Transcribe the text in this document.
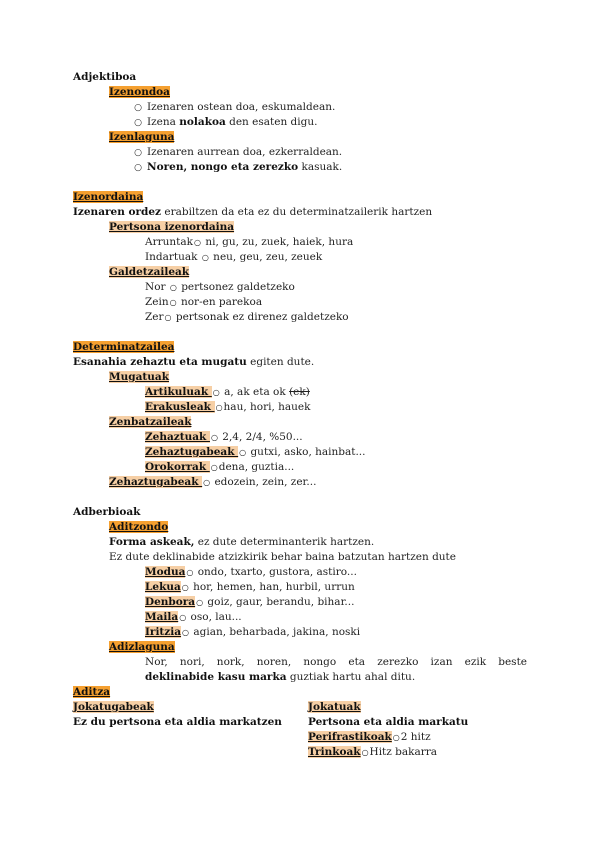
Adjektiboa
Izenondoa
○ Izenaren ostean doa, eskumaldean.
○ Izena nolakoa den esaten digu.
Izenlaguna
○ Izenaren aurrean doa, ezkerraldean.
○ Noren, nongo eta zerezko kasuak.
Izenordaina
Izenaren ordez erabiltzen da eta ez du determinatzailerik hartzen
Pertsona izenordaina
Arruntak○ ni, gu, zu, zuek, haiek, hura
Indartuak ○ neu, geu, zeu, zeuek
Galdetzaileak
Nor ○ pertsonez galdetzeko
Zein○ nor-en parekoa
Zer○ pertsonak ez direnez galdetzeko
Determinatzailea
Esanahia zehaztu eta mugatu egiten dute.
Mugatuak
Artikuluak ○ a, ak eta ok (ek)
Erakusleak ○hau, hori, hauek
Zenbatzaileak
Zehaztuak ○ 2,4, 2/4, %50...
Zehaztugabeak ○ gutxi, asko, hainbat...
Orokorrak ○dena, guztia...
Zehaztugabeak ○ edozein, zein, zer...
Adberbioak
Aditzondo
Forma askeak, ez dute determinanterik hartzen.
Ez dute deklinabide atzizkirik behar baina batzutan hartzen dute
Modua○ ondo, txarto, gustora, astiro...
Lekua○ hor, hemen, han, hurbil, urrun
Denbora○ goiz, gaur, berandu, bihar...
Maila○ oso, lau...
Iritzia○ agian, beharbada, jakina, noski
Adizlaguna
Nor, nori, nork, noren, nongo eta zerezko izan ezik beste
deklinabide kasu marka guztiak hartu ahal ditu.
Aditza
Jokatugabeak
Ez du pertsona eta aldia markatzen
Jokatuak
Pertsona eta aldia markatu
Perifrastikoak○2 hitz
Trinkoak○Hitz bakarra
